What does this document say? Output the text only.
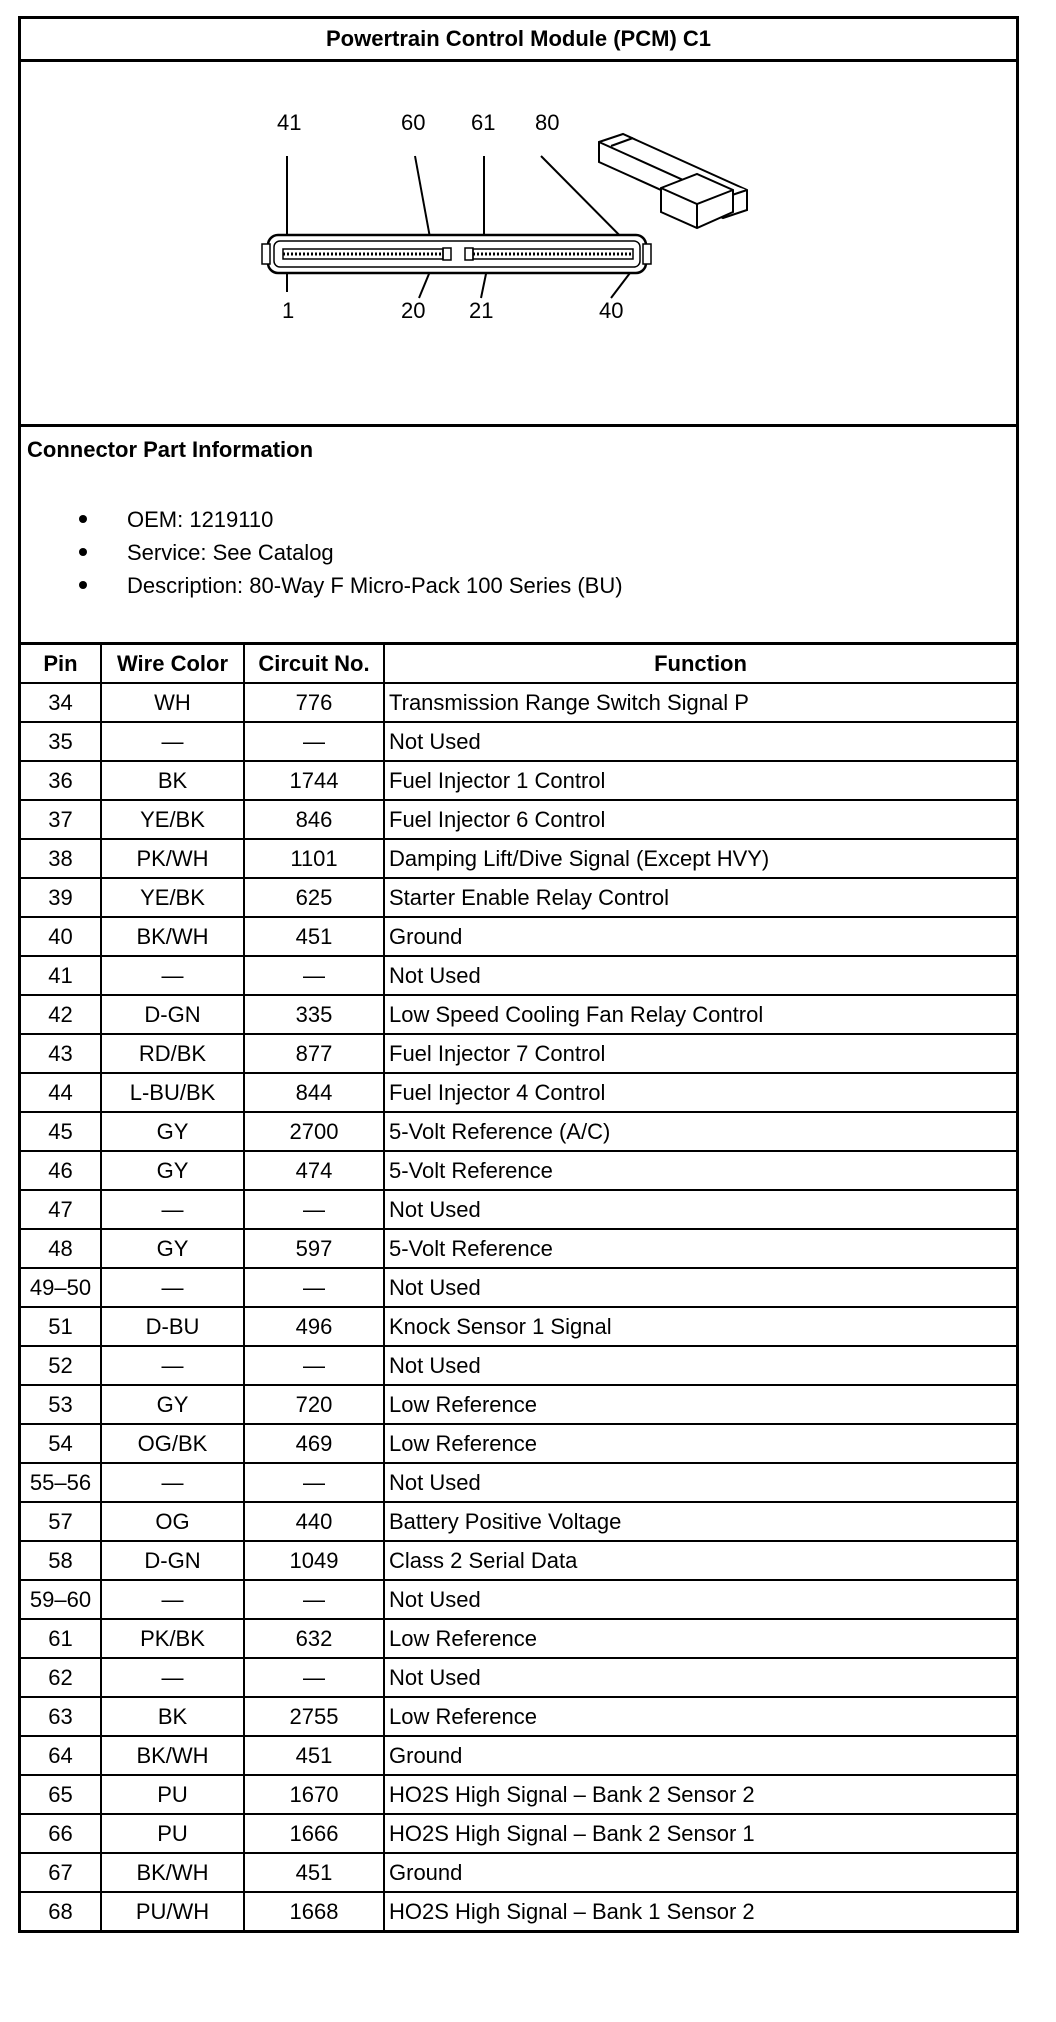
Powertrain Control Module (PCM) C1
41	60 61 80
1	20 21	40
Connector Part Information
OEM: 1219110
Service: See Catalog
Description: 80-Way F Micro-Pack 100 Series (BU)
Pin	Wire Color	Circuit No.	Function
34	WH	776	Transmission Range Switch Signal P
35	—	—	Not Used
36	BK	1744	Fuel Injector 1 Control
37	YE/BK	846	Fuel Injector 6 Control
38	PK/WH	1101	Damping Lift/Dive Signal (Except HVY)
39	YE/BK	625	Starter Enable Relay Control
40	BK/WH	451	Ground
41	—	—	Not Used
42	D-GN	335	Low Speed Cooling Fan Relay Control
43	RD/BK	877	Fuel Injector 7 Control
44	L-BU/BK	844	Fuel Injector 4 Control
45	GY	2700	5-Volt Reference (A/C)
46	GY	474	5-Volt Reference
47	—	—	Not Used
48	GY	597	5-Volt Reference
49–50	—	—	Not Used
51	D-BU	496	Knock Sensor 1 Signal
52	—	—	Not Used
53	GY	720	Low Reference
54	OG/BK	469	Low Reference
55–56	—	—	Not Used
57	OG	440	Battery Positive Voltage
58	D-GN	1049	Class 2 Serial Data
59–60	—	—	Not Used
61	PK/BK	632	Low Reference
62	—	—	Not Used
63	BK	2755	Low Reference
64	BK/WH	451	Ground
65	PU	1670	HO2S High Signal – Bank 2 Sensor 2
66	PU	1666	HO2S High Signal – Bank 2 Sensor 1
67	BK/WH	451	Ground
68	PU/WH	1668	HO2S High Signal – Bank 1 Sensor 2
